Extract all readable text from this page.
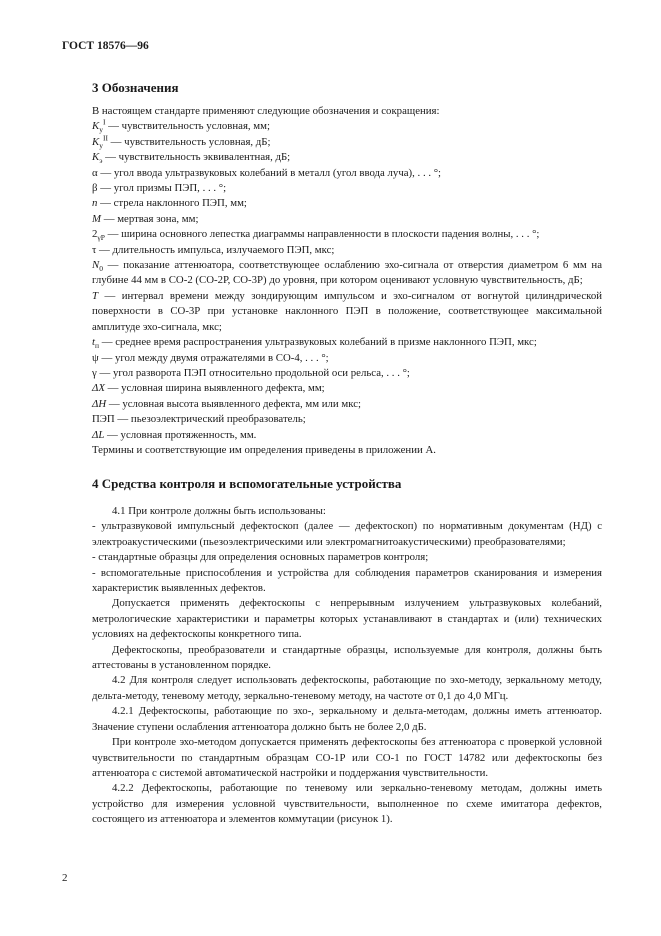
ГОСТ 18576—96
3 Обозначения

В настоящем стандарте применяют следующие обозначения и сокращения:

$K_у^I$ — чувствительность условная, мм;

$K_у^{II}$ — чувствительность условная, дБ;

$K_э$ — чувствительность эквивалентная, дБ;

α — угол ввода ультразвуковых колебаний в металл (угол ввода луча), . . . °;

β — угол призмы ПЭП, . . . °;

n — стрела наклонного ПЭП, мм;

M — мертвая зона, мм;

$2_{\gamma P}$ — ширина основного лепестка диаграммы направленности в плоскости падения волны, . . . °;

τ — длительность импульса, излучаемого ПЭП, мкс;

$N_0$ — показание аттенюатора, соответствующее ослаблению эхо-сигнала от отверстия диаметром 6 мм на глубине 44 мм в СО-2 (СО-2Р, СО-3Р) до уровня, при котором оценивают условную чувствительность, дБ;

T — интервал времени между зондирующим импульсом и эхо-сигналом от вогнутой цилиндрической поверхности в СО-3Р при установке наклонного ПЭП в положение, соответствующее максимальной амплитуде эхо-сигнала, мкс;

$t_п$ — среднее время распространения ультразвуковых колебаний в призме наклонного ПЭП, мкс;

ψ — угол между двумя отражателями в СО-4, . . . °;

γ — угол разворота ПЭП относительно продольной оси рельса, . . . °;

ΔX — условная ширина выявленного дефекта, мм;

ΔH — условная высота выявленного дефекта, мм или мкс;

ПЭП — пьезоэлектрический преобразователь;

ΔL — условная протяженность, мм.

Термины и соответствующие им определения приведены в приложении А.

4 Средства контроля и вспомогательные устройства

4.1 При контроле должны быть использованы:

- ультразвуковой импульсный дефектоскоп (далее — дефектоскоп) по нормативным документам (НД) с электроакустическими (пьезоэлектрическими или электромагнитоакустическими) преобразователями;

- стандартные образцы для определения основных параметров контроля;

- вспомогательные приспособления и устройства для соблюдения параметров сканирования и измерения характеристик выявленных дефектов.

Допускается применять дефектоскопы с непрерывным излучением ультразвуковых колебаний, метрологические характеристики и параметры которых устанавливают в стандартах и (или) технических условиях на дефектоскопы конкретного типа.

Дефектоскопы, преобразователи и стандартные образцы, используемые для контроля, должны быть аттестованы в установленном порядке.

4.2 Для контроля следует использовать дефектоскопы, работающие по эхо-методу, зеркальному методу, дельта-методу, теневому методу, зеркально-теневому методу, на частоте от 0,1 до 4,0 МГц.

4.2.1 Дефектоскопы, работающие по эхо-, зеркальному и дельта-методам, должны иметь аттенюатор. Значение ступени ослабления аттенюатора должно быть не более 2,0 дБ.

При контроле эхо-методом допускается применять дефектоскопы без аттенюатора с проверкой условной чувствительности по стандартным образцам СО-1Р или СО-1 по ГОСТ 14782 или дефектоскопы без аттенюатора с системой автоматической настройки и поддержания чувствительности.

4.2.2 Дефектоскопы, работающие по теневому или зеркально-теневому методам, должны иметь устройство для измерения условной чувствительности, выполненное по схеме имитатора дефектов, состоящего из аттенюатора и элементов коммутации (рисунок 1).

2
